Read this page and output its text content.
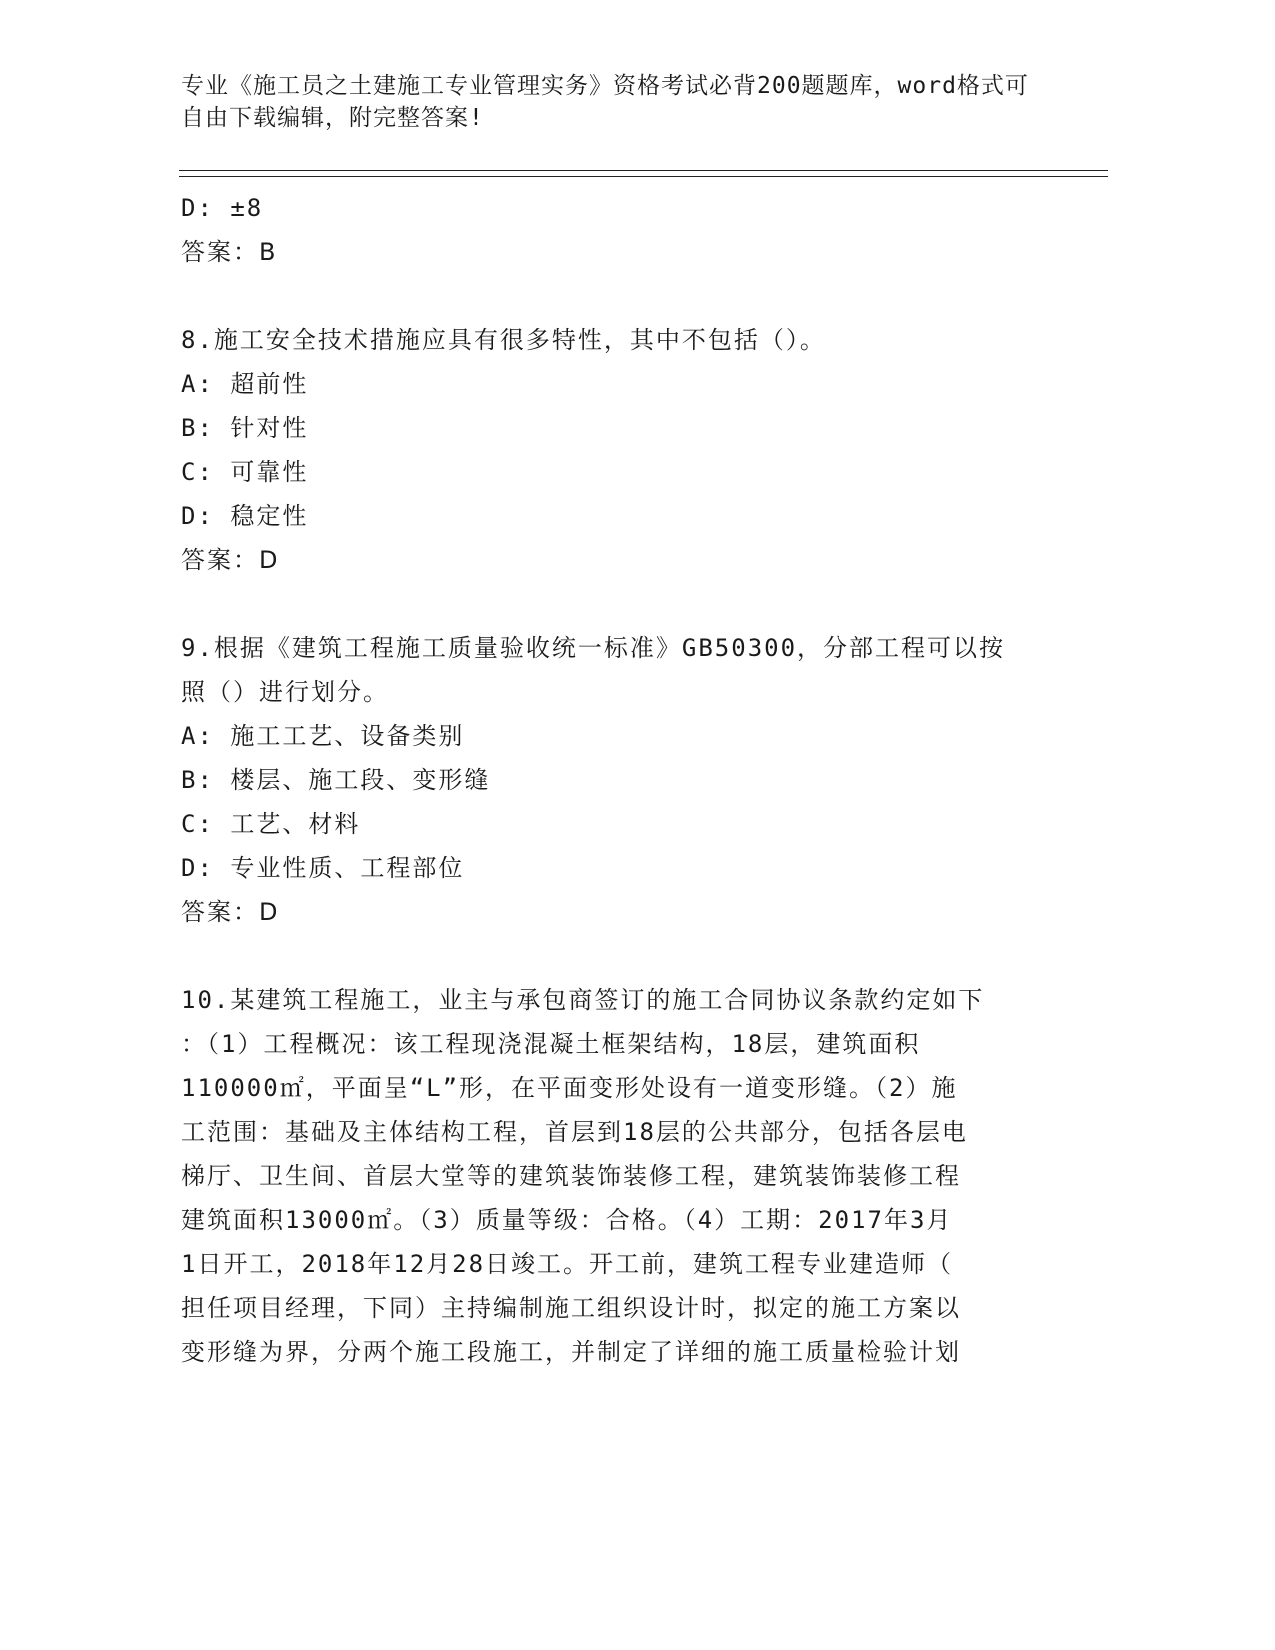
专业《施工员之土建施工专业管理实务》资格考试必背200题题库，word格式可
自由下载编辑，附完整答案!

D: ±8

答案：B

8.施工安全技术措施应具有很多特性，其中不包括（）。

A: 超前性

B: 针对性

C: 可靠性

D: 稳定性

答案：D

9.根据《建筑工程施工质量验收统一标准》GB50300，分部工程可以按

照（）进行划分。

A: 施工工艺、设备类别

B: 楼层、施工段、变形缝

C: 工艺、材料

D: 专业性质、工程部位

答案：D

10.某建筑工程施工，业主与承包商签订的施工合同协议条款约定如下
：（1）工程概况：该工程现浇混凝土框架结构，18层，建筑面积
110000㎡，平面呈“L”形，在平面变形处设有一道变形缝。（2）施
工范围：基础及主体结构工程，首层到18层的公共部分，包括各层电
梯厅、卫生间、首层大堂等的建筑装饰装修工程，建筑装饰装修工程
建筑面积13000㎡。（3）质量等级：合格。（4）工期：2017年3月
1日开工，2018年12月28日竣工。开工前，建筑工程专业建造师（
担任项目经理，下同）主持编制施工组织设计时，拟定的施工方案以
变形缝为界，分两个施工段施工，并制定了详细的施工质量检验计划
